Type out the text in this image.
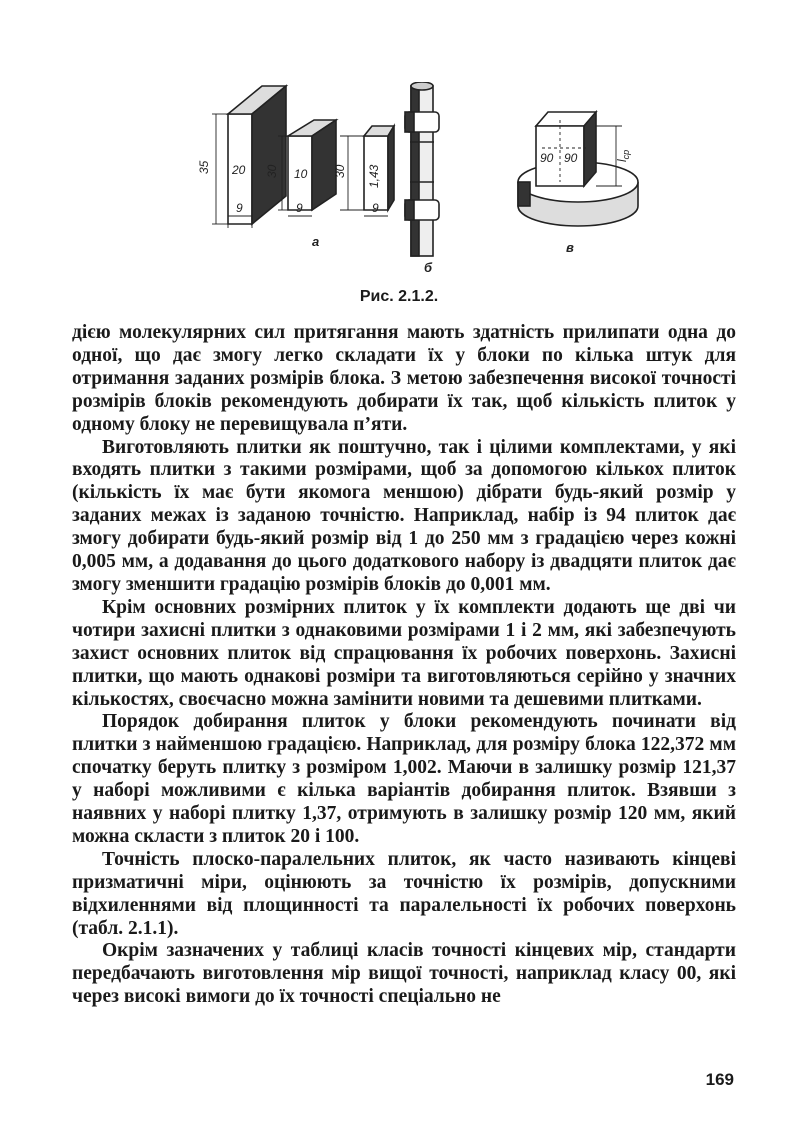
35 20
9
30 10
9
30 1,43
9
90 90	$l_{cp}$
а
б
в
Рис. 2.1.2.

дією молекулярних сил притягання мають здатність прилипати одна до одної, що дає змогу легко складати їх у блоки по кілька штук для отримання заданих розмірів блока. З метою забезпечення високої точності розмірів блоків рекомендують добирати їх так, щоб кількість плиток у одному блоку не перевищувала п’яти.

Виготовляють плитки як поштучно, так і цілими комплектами, у які входять плитки з такими розмірами, щоб за допомогою кількох плиток (кількість їх має бути якомога меншою) дібрати будь-який розмір у заданих межах із заданою точністю. Наприклад, набір із 94 плиток дає змогу добирати будь-який розмір від 1 до 250 мм з градацією через кожні 0,005 мм, а додавання до цього додаткового набору із двадцяти плиток дає змогу зменшити градацію розмірів блоків до 0,001 мм.

Крім основних розмірних плиток у їх комплекти додають ще дві чи чотири захисні плитки з однаковими розмірами 1 і 2 мм, які забезпечують захист основних плиток від спрацювання їх робочих поверхонь. Захисні плитки, що мають однакові розміри та виготовляються серійно у значних кількостях, своєчасно можна замінити новими та дешевими плитками.

Порядок добирання плиток у блоки рекомендують починати від плитки з найменшою градацією. Наприклад, для розміру блока 122,372 мм спочатку беруть плитку з розміром 1,002. Маючи в залишку розмір 121,37 у наборі можливими є кілька варіантів добирання плиток. Взявши з наявних у наборі плитку 1,37, отримують в залишку розмір 120 мм, який можна скласти з плиток 20 і 100.

Точність плоско-паралельних плиток, як часто називають кінцеві призматичні міри, оцінюють за точністю їх розмірів, допускними відхиленнями від площинності та паралельності їх робочих поверхонь (табл. 2.1.1).

Окрім зазначених у таблиці класів точності кінцевих мір, стандарти передбачають виготовлення мір вищої точності, наприклад класу 00, які через високі вимоги до їх точності спеціально не

169
